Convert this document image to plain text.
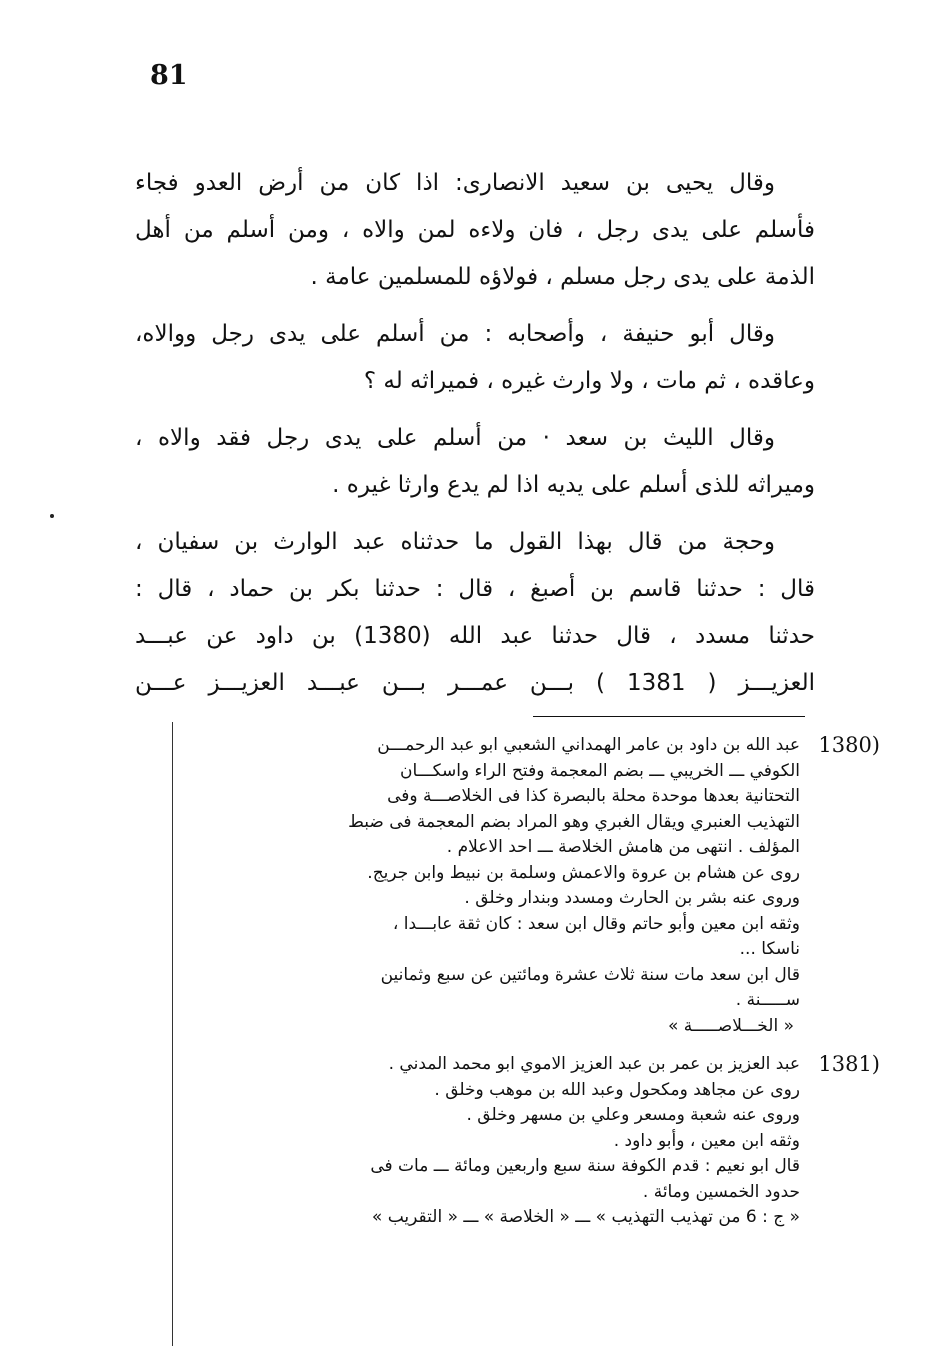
81
وقال يحيى بن سعيد الانصارى: اذا كان من أرض العدو فجاء
فأسلم على يدى رجل ، فان ولاءه لمن والاه ، ومن أسلم من أهل
الذمة على يدى رجل مسلم ، فولاؤه للمسلمين عامة .
وقال أبو حنيفة ، وأصحابه : من أسلم على يدى رجل ووالاه،
وعاقده ، ثم مات ، ولا وارث غيره ، فميراثه له ؟
وقال الليث بن سعد · من أسلم على يدى رجل فقد والاه ،
وميراثه للذى أسلم على يديه اذا لم يدع وارثا غيره .
وحجة من قال بهذا القول ما حدثناه عبد الوارث بن سفيان ،
قال : حدثنا قاسم بن أصبغ ، قال : حدثنا بكر بن حماد ، قال :
حدثنا مسدد ، قال حدثنا عبد الله (1380) بن داود عن عبـــد
العزيـــز ( 1381 ) بـــن عمـــر بـــن عبـــد العزيـــز عـــن
1380)
عبد الله بن داود بن عامر الهمداني الشعبي ابو عبد الرحمـــن
الكوفي ـــ الخريبي ـــ بضم المعجمة وفتح الراء واسكـــان
التحتانية بعدها موحدة محلة بالبصرة كذا فى الخلاصـــة وفى
التهذيب العنبري ويقال الغبري وهو المراد بضم المعجمة فى ضبط
المؤلف . انتهى من هامش الخلاصة ـــ احد الاعلام .
روى عن هشام بن عروة والاعمش وسلمة بن نبيط وابن جريج.
وروى عنه بشر بن الحارث ومسدد وبندار وخلق .
وثقه ابن معين وأبو حاتم وقال ابن سعد : كان ثقة عابـــدا ،
ناسكا ...
قال ابن سعد مات سنة ثلاث عشرة ومائتين عن سبع وثمانين
ســـــنة .
« الخـــلاصـــــة »
1381)
عبد العزيز بن عمر بن عبد العزيز الاموي ابو محمد المدني .
روى عن مجاهد ومكحول وعبد الله بن موهب وخلق .
وروى عنه شعبة ومسعر وعلي بن مسهر وخلق .
وثقه ابن معين ، وأبو داود .
قال ابو نعيم : قدم الكوفة سنة سبع واربعين ومائة ـــ مات فى
حدود الخمسين ومائة .
« ج : 6 من تهذيب التهذيب » ـــ « الخلاصة » ـــ « التقريب »
